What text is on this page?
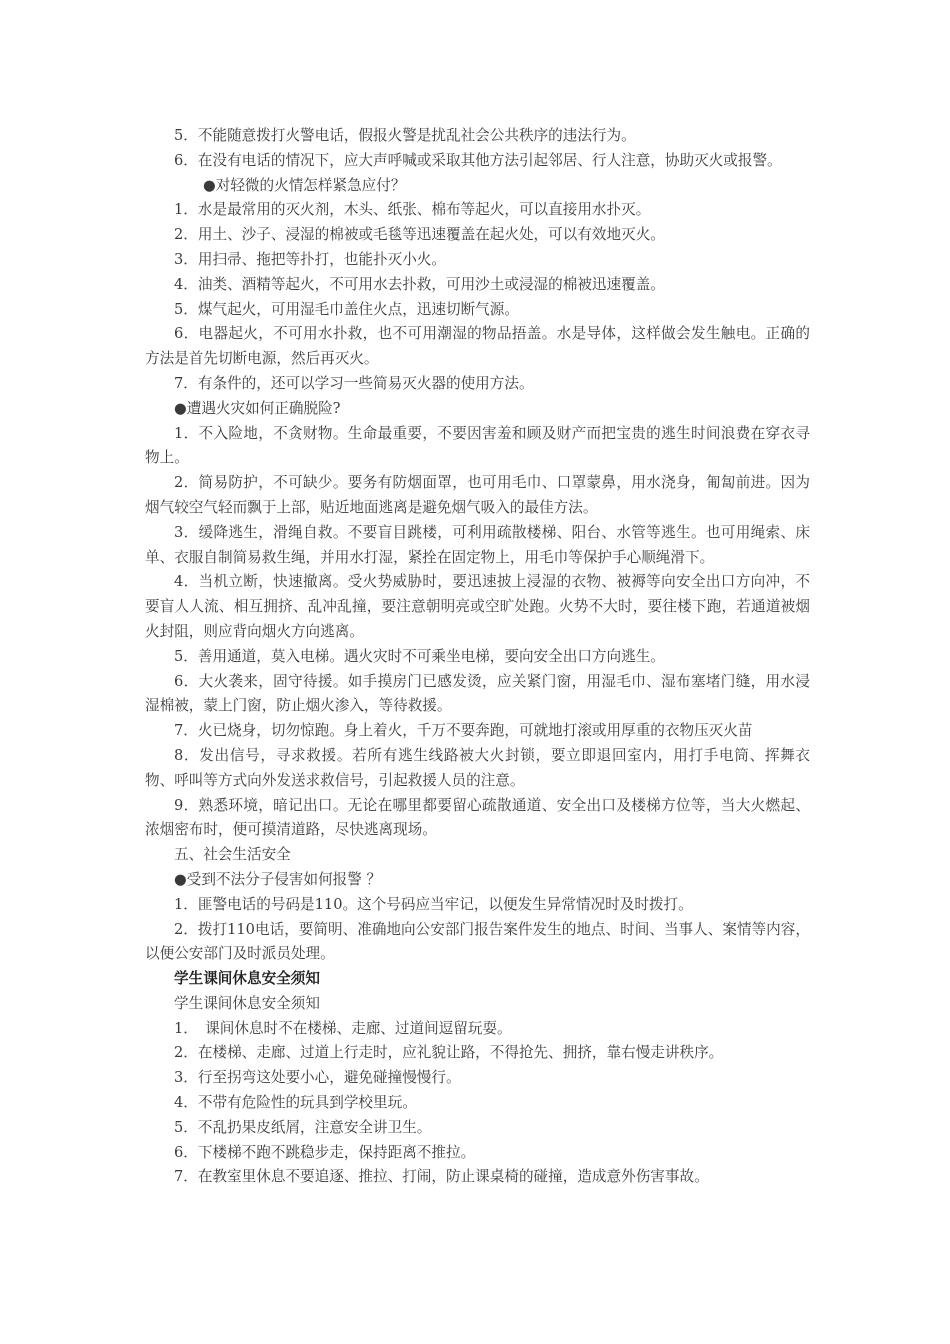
5．不能随意拨打火警电话，假报火警是扰乱社会公共秩序的违法行为。

6．在没有电话的情况下，应大声呼喊或采取其他方法引起邻居、行人注意，协助灭火或报警。

●对轻微的火情怎样紧急应付？

1．水是最常用的灭火剂，木头、纸张、棉布等起火，可以直接用水扑灭。

2．用土、沙子、浸湿的棉被或毛毯等迅速覆盖在起火处，可以有效地灭火。

3．用扫帚、拖把等扑打，也能扑灭小火。

4．油类、酒精等起火，不可用水去扑救，可用沙土或浸湿的棉被迅速覆盖。

5．煤气起火，可用湿毛巾盖住火点，迅速切断气源。

6．电器起火，不可用水扑救，也不可用潮湿的物品捂盖。水是导体，这样做会发生触电。正确的方法是首先切断电源，然后再灭火。

7．有条件的，还可以学习一些简易灭火器的使用方法。

●遭遇火灾如何正确脱险?

1．不入险地，不贪财物。生命最重要，不要因害羞和顾及财产而把宝贵的逃生时间浪费在穿衣寻物上。

2．简易防护，不可缺少。要务有防烟面罩，也可用毛巾、口罩蒙鼻，用水浇身，匍匐前进。因为烟气较空气轻而飘于上部，贴近地面逃离是避免烟气吸入的最佳方法。

3．缓降逃生，滑绳自救。不要盲目跳楼，可利用疏散楼梯、阳台、水管等逃生。也可用绳索、床单、衣服自制简易救生绳，并用水打湿，紧拴在固定物上，用毛巾等保护手心顺绳滑下。

4．当机立断，快速撤离。受火势威胁时，要迅速披上浸湿的衣物、被褥等向安全出口方向冲，不要盲人人流、相互拥挤、乱冲乱撞，要注意朝明亮或空旷处跑。火势不大时，要往楼下跑，若通道被烟火封阻，则应背向烟火方向逃离。

5．善用通道，莫入电梯。遇火灾时不可乘坐电梯，要向安全出口方向逃生。

6．大火袭来，固守待援。如手摸房门已感发烫，应关紧门窗，用湿毛巾、湿布塞堵门缝，用水浸湿棉被，蒙上门窗，防止烟火渗入，等待救援。

7．火已烧身，切勿惊跑。身上着火，千万不要奔跑，可就地打滚或用厚重的衣物压灭火苗

8．发出信号，寻求救援。若所有逃生线路被大火封锁，要立即退回室内，用打手电筒、挥舞衣物、呼叫等方式向外发送求救信号，引起救援人员的注意。

9．熟悉环境，暗记出口。无论在哪里都要留心疏散通道、安全出口及楼梯方位等，当大火燃起、浓烟密布时，便可摸清道路，尽快逃离现场。

五、社会生活安全

●受到不法分子侵害如何报警 ？

1．匪警电话的号码是110。这个号码应当牢记，以便发生异常情况时及时拨打。

2．拨打110电话，要简明、准确地向公安部门报告案件发生的地点、时间、当事人、案情等内容，以便公安部门及时派员处理。

学生课间休息安全须知

学生课间休息安全须知

1．　课间休息时不在楼梯、走廊、过道间逗留玩耍。

2．在楼梯、走廊、过道上行走时，应礼貌让路，不得抢先、拥挤，靠右慢走讲秩序。

3．行至拐弯这处要小心，避免碰撞慢慢行。

4．不带有危险性的玩具到学校里玩。

5．不乱扔果皮纸屑，注意安全讲卫生。

6．下楼梯不跑不跳稳步走，保持距离不推拉。

7．在教室里休息不要追逐、推拉、打闹，防止课桌椅的碰撞，造成意外伤害事故。
